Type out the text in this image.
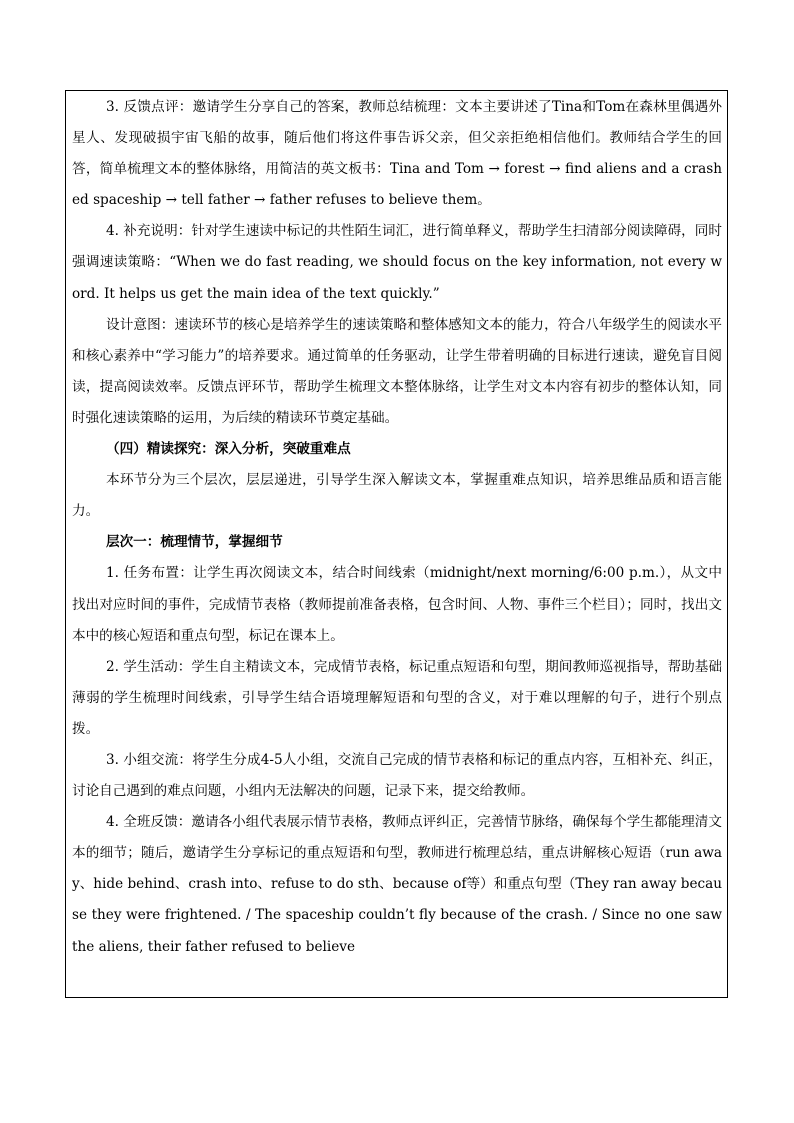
3. 反馈点评：邀请学生分享自己的答案，教师总结梳理：文本主要讲述了Tina和Tom在森林里偶遇外星人、发现破损宇宙飞船的故事，随后他们将这件事告诉父亲，但父亲拒绝相信他们。教师结合学生的回答，简单梳理文本的整体脉络，用简洁的英文板书：Tina and Tom → forest → find aliens and a crashed spaceship → tell father → father refuses to believe them。

4. 补充说明：针对学生速读中标记的共性陌生词汇，进行简单释义，帮助学生扫清部分阅读障碍，同时强调速读策略：“When we do fast reading, we should focus on the key information, not every word. It helps us get the main idea of the text quickly.”

设计意图：速读环节的核心是培养学生的速读策略和整体感知文本的能力，符合八年级学生的阅读水平和核心素养中“学习能力”的培养要求。通过简单的任务驱动，让学生带着明确的目标进行速读，避免盲目阅读，提高阅读效率。反馈点评环节，帮助学生梳理文本整体脉络，让学生对文本内容有初步的整体认知，同时强化速读策略的运用，为后续的精读环节奠定基础。

（四）精读探究：深入分析，突破重难点

本环节分为三个层次，层层递进，引导学生深入解读文本，掌握重难点知识，培养思维品质和语言能力。

层次一：梳理情节，掌握细节

1. 任务布置：让学生再次阅读文本，结合时间线索（midnight/next morning/6:00 p.m.），从文中找出对应时间的事件，完成情节表格（教师提前准备表格，包含时间、人物、事件三个栏目）；同时，找出文本中的核心短语和重点句型，标记在课本上。

2. 学生活动：学生自主精读文本，完成情节表格，标记重点短语和句型，期间教师巡视指导，帮助基础薄弱的学生梳理时间线索，引导学生结合语境理解短语和句型的含义，对于难以理解的句子，进行个别点拨。

3. 小组交流：将学生分成4-5人小组，交流自己完成的情节表格和标记的重点内容，互相补充、纠正，讨论自己遇到的难点问题，小组内无法解决的问题，记录下来，提交给教师。

4. 全班反馈：邀请各小组代表展示情节表格，教师点评纠正，完善情节脉络，确保每个学生都能理清文本的细节；随后，邀请学生分享标记的重点短语和句型，教师进行梳理总结，重点讲解核心短语（run away、hide behind、crash into、refuse to do sth、because of等）和重点句型（They ran away because they were frightened. / The spaceship couldn’t fly because of the crash. / Since no one saw the aliens, their father refused to believe
